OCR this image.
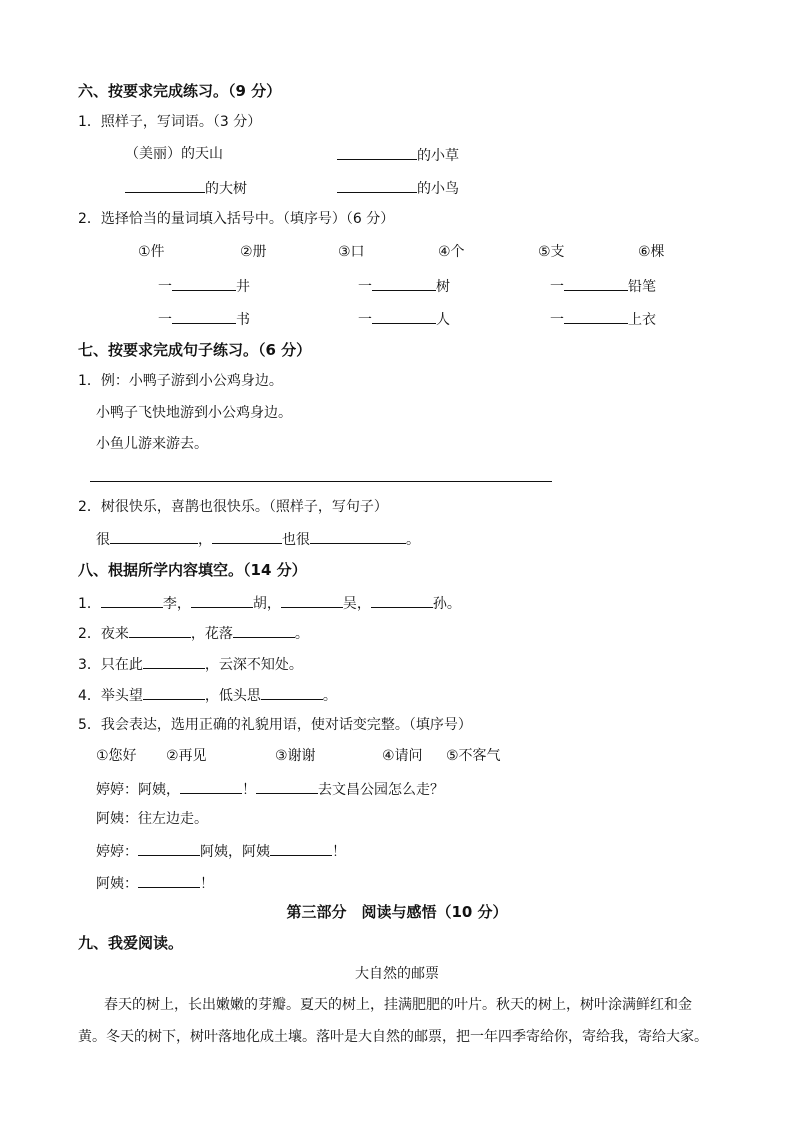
六、按要求完成练习。（9 分）
1．照样子，写词语。（3 分）
（美丽）的天山	的小草
的大树	的小鸟
2．选择恰当的量词填入括号中。（填序号）（6 分）
①件	②册	③口	④个	⑤支	⑥棵
一	井	一	树	一	铅笔
一	书	一	人	一	上衣
七、按要求完成句子练习。（6 分）
1．例：小鸭子游到小公鸡身边。
小鸭子飞快地游到小公鸡身边。
小鱼儿游来游去。
2．树很快乐，喜鹊也很快乐。（照样子，写句子）
很	，	也很	。
八、根据所学内容填空。（14 分）
1．	李，	胡，	吴，	孙。
2．夜来	，花落	。
3．只在此	，云深不知处。
4．举头望	，低头思	。
5．我会表达，选用正确的礼貌用语，使对话变完整。（填序号）
①您好 ②再见	③谢谢	④请问 ⑤不客气
婷婷：阿姨，	！	去文昌公园怎么走？
阿姨：往左边走。
婷婷：	阿姨，阿姨	！
阿姨：	！
第三部分　阅读与感悟（10 分）
九、我爱阅读。
大自然的邮票
春天的树上，长出嫩嫩的芽瓣。夏天的树上，挂满肥肥的叶片。秋天的树上，树叶涂满鲜红和金
黄。冬天的树下，树叶落地化成土壤。落叶是大自然的邮票，把一年四季寄给你，寄给我，寄给大家。
